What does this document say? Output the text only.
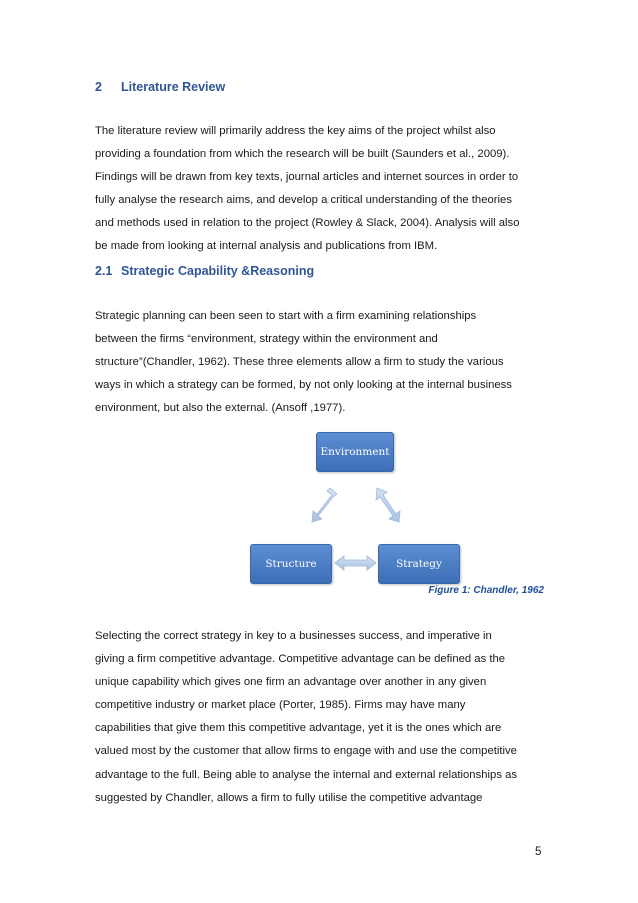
2 Literature Review
The literature review will primarily address the key aims of the project whilst also
providing a foundation from which the research will be built (Saunders et al., 2009).
Findings will be drawn from key texts, journal articles and internet sources in order to
fully analyse the research aims, and develop a critical understanding of the theories
and methods used in relation to the project (Rowley & Slack, 2004). Analysis will also
be made from looking at internal analysis and publications from IBM.
2.1 Strategic Capability &Reasoning
Strategic planning can been seen to start with a firm examining relationships
between the firms “environment, strategy within the environment and
structure”(Chandler, 1962). These three elements allow a firm to study the various
ways in which a strategy can be formed, by not only looking at the internal business
environment, but also the external. (Ansoff ,1977).
Environment
Structure	Strategy
Figure 1: Chandler, 1962
Selecting the correct strategy in key to a businesses success, and imperative in
giving a firm competitive advantage. Competitive advantage can be defined as the
unique capability which gives one firm an advantage over another in any given
competitive industry or market place (Porter, 1985). Firms may have many
capabilities that give them this competitive advantage, yet it is the ones which are
valued most by the customer that allow firms to engage with and use the competitive
advantage to the full. Being able to analyse the internal and external relationships as
suggested by Chandler, allows a firm to fully utilise the competitive advantage
5
